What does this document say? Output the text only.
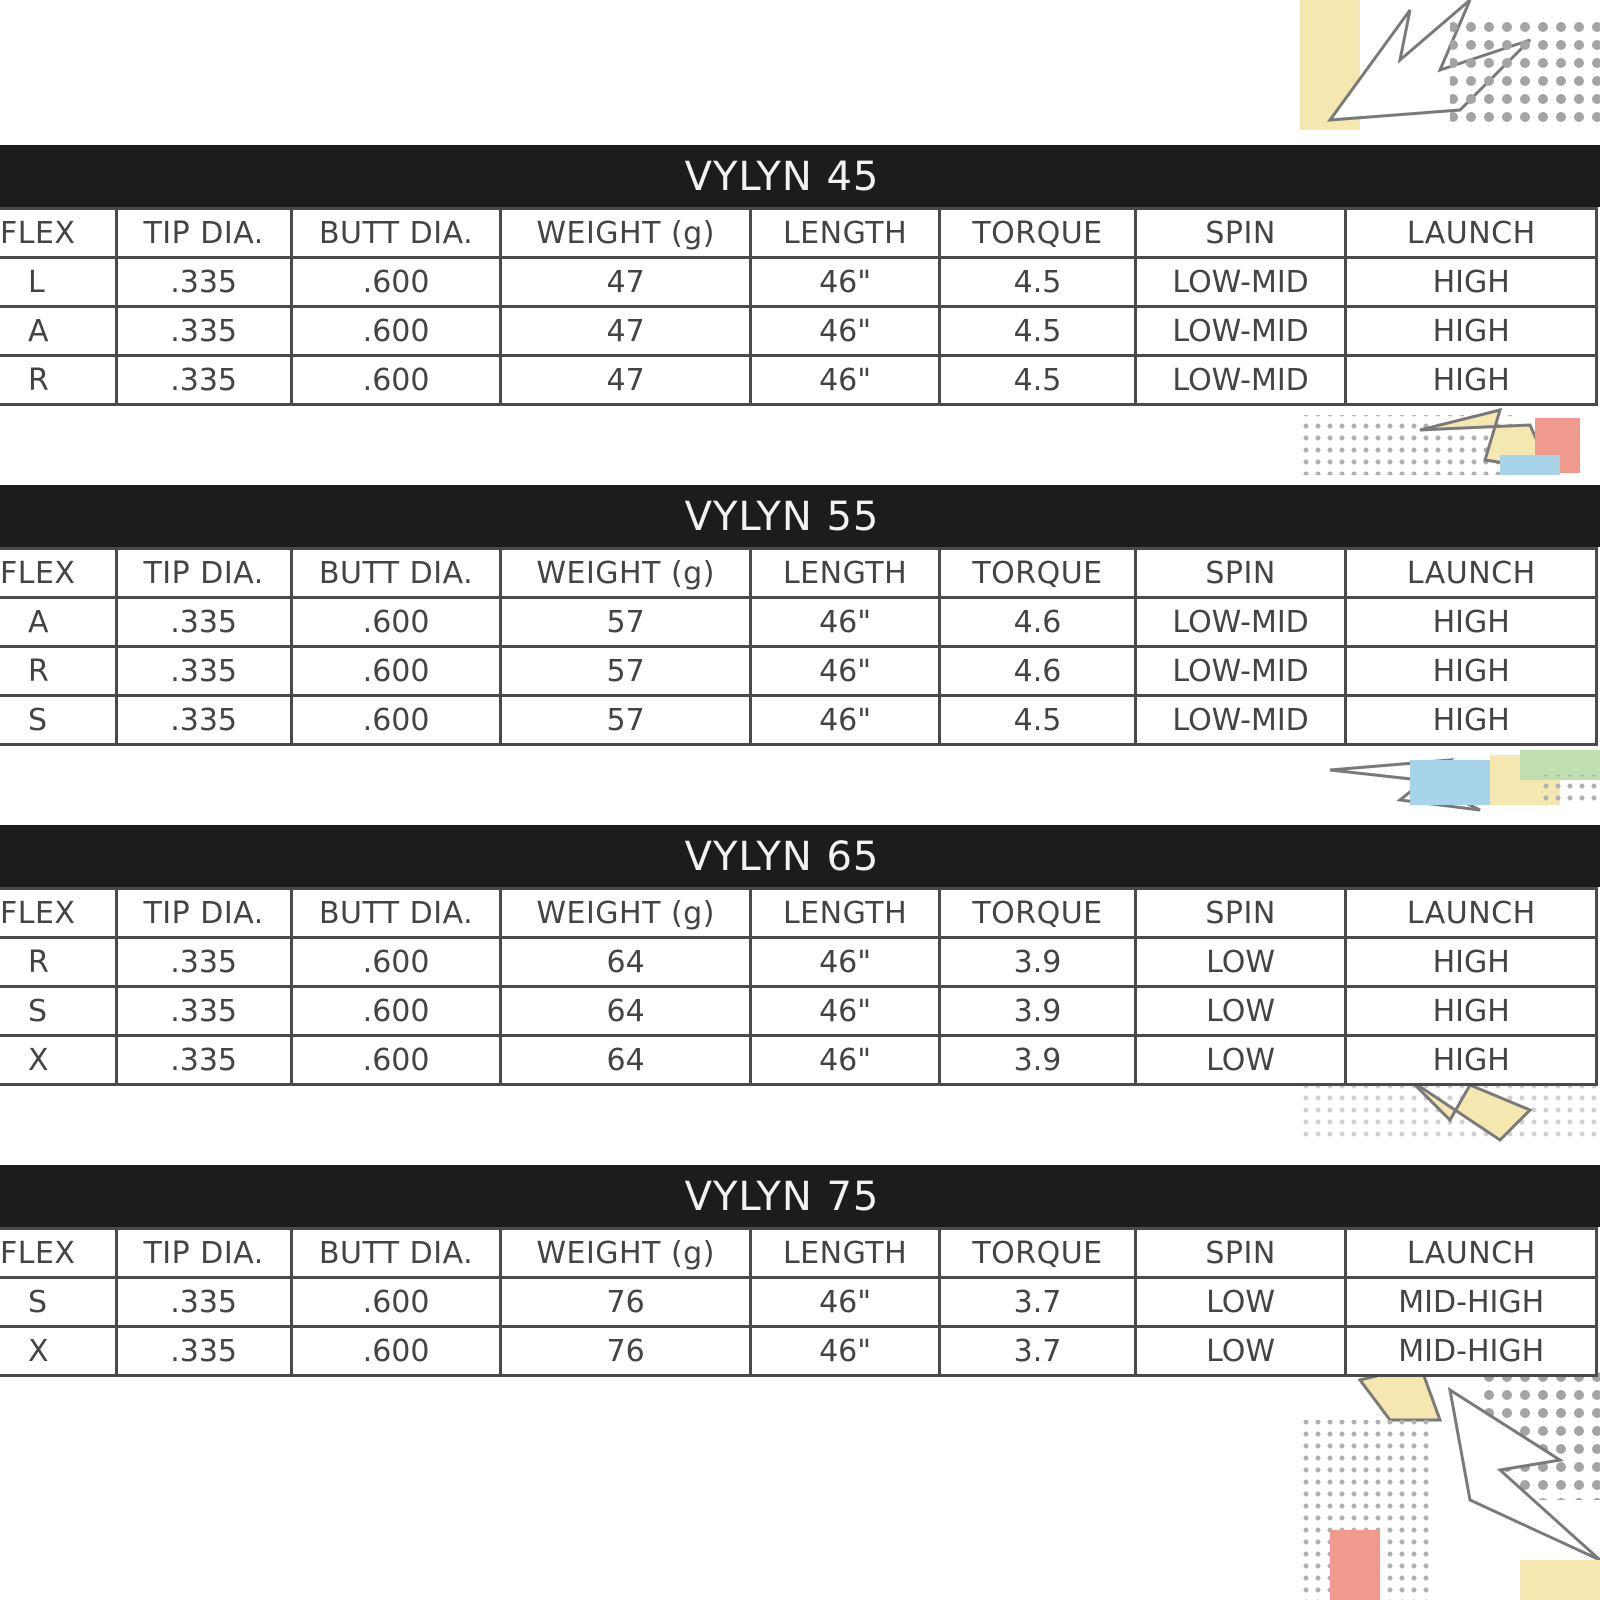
VYLYN 45
FLEX	TIP DIA.	BUTT DIA.	WEIGHT (g)	LENGTH	TORQUE	SPIN	LAUNCH
L	.335	.600	47	46"	4.5	LOW-MID	HIGH
A	.335	.600	47	46"	4.5	LOW-MID	HIGH
R	.335	.600	47	46"	4.5	LOW-MID	HIGH
VYLYN 55
FLEX	TIP DIA.	BUTT DIA.	WEIGHT (g)	LENGTH	TORQUE	SPIN	LAUNCH
A	.335	.600	57	46"	4.6	LOW-MID	HIGH
R	.335	.600	57	46"	4.6	LOW-MID	HIGH
S	.335	.600	57	46"	4.5	LOW-MID	HIGH
VYLYN 65
FLEX	TIP DIA.	BUTT DIA.	WEIGHT (g)	LENGTH	TORQUE	SPIN	LAUNCH
R	.335	.600	64	46"	3.9	LOW	HIGH
S	.335	.600	64	46"	3.9	LOW	HIGH
X	.335	.600	64	46"	3.9	LOW	HIGH
VYLYN 75
FLEX	TIP DIA.	BUTT DIA.	WEIGHT (g)	LENGTH	TORQUE	SPIN	LAUNCH
S	.335	.600	76	46"	3.7	LOW	MID-HIGH
X	.335	.600	76	46"	3.7	LOW	MID-HIGH
